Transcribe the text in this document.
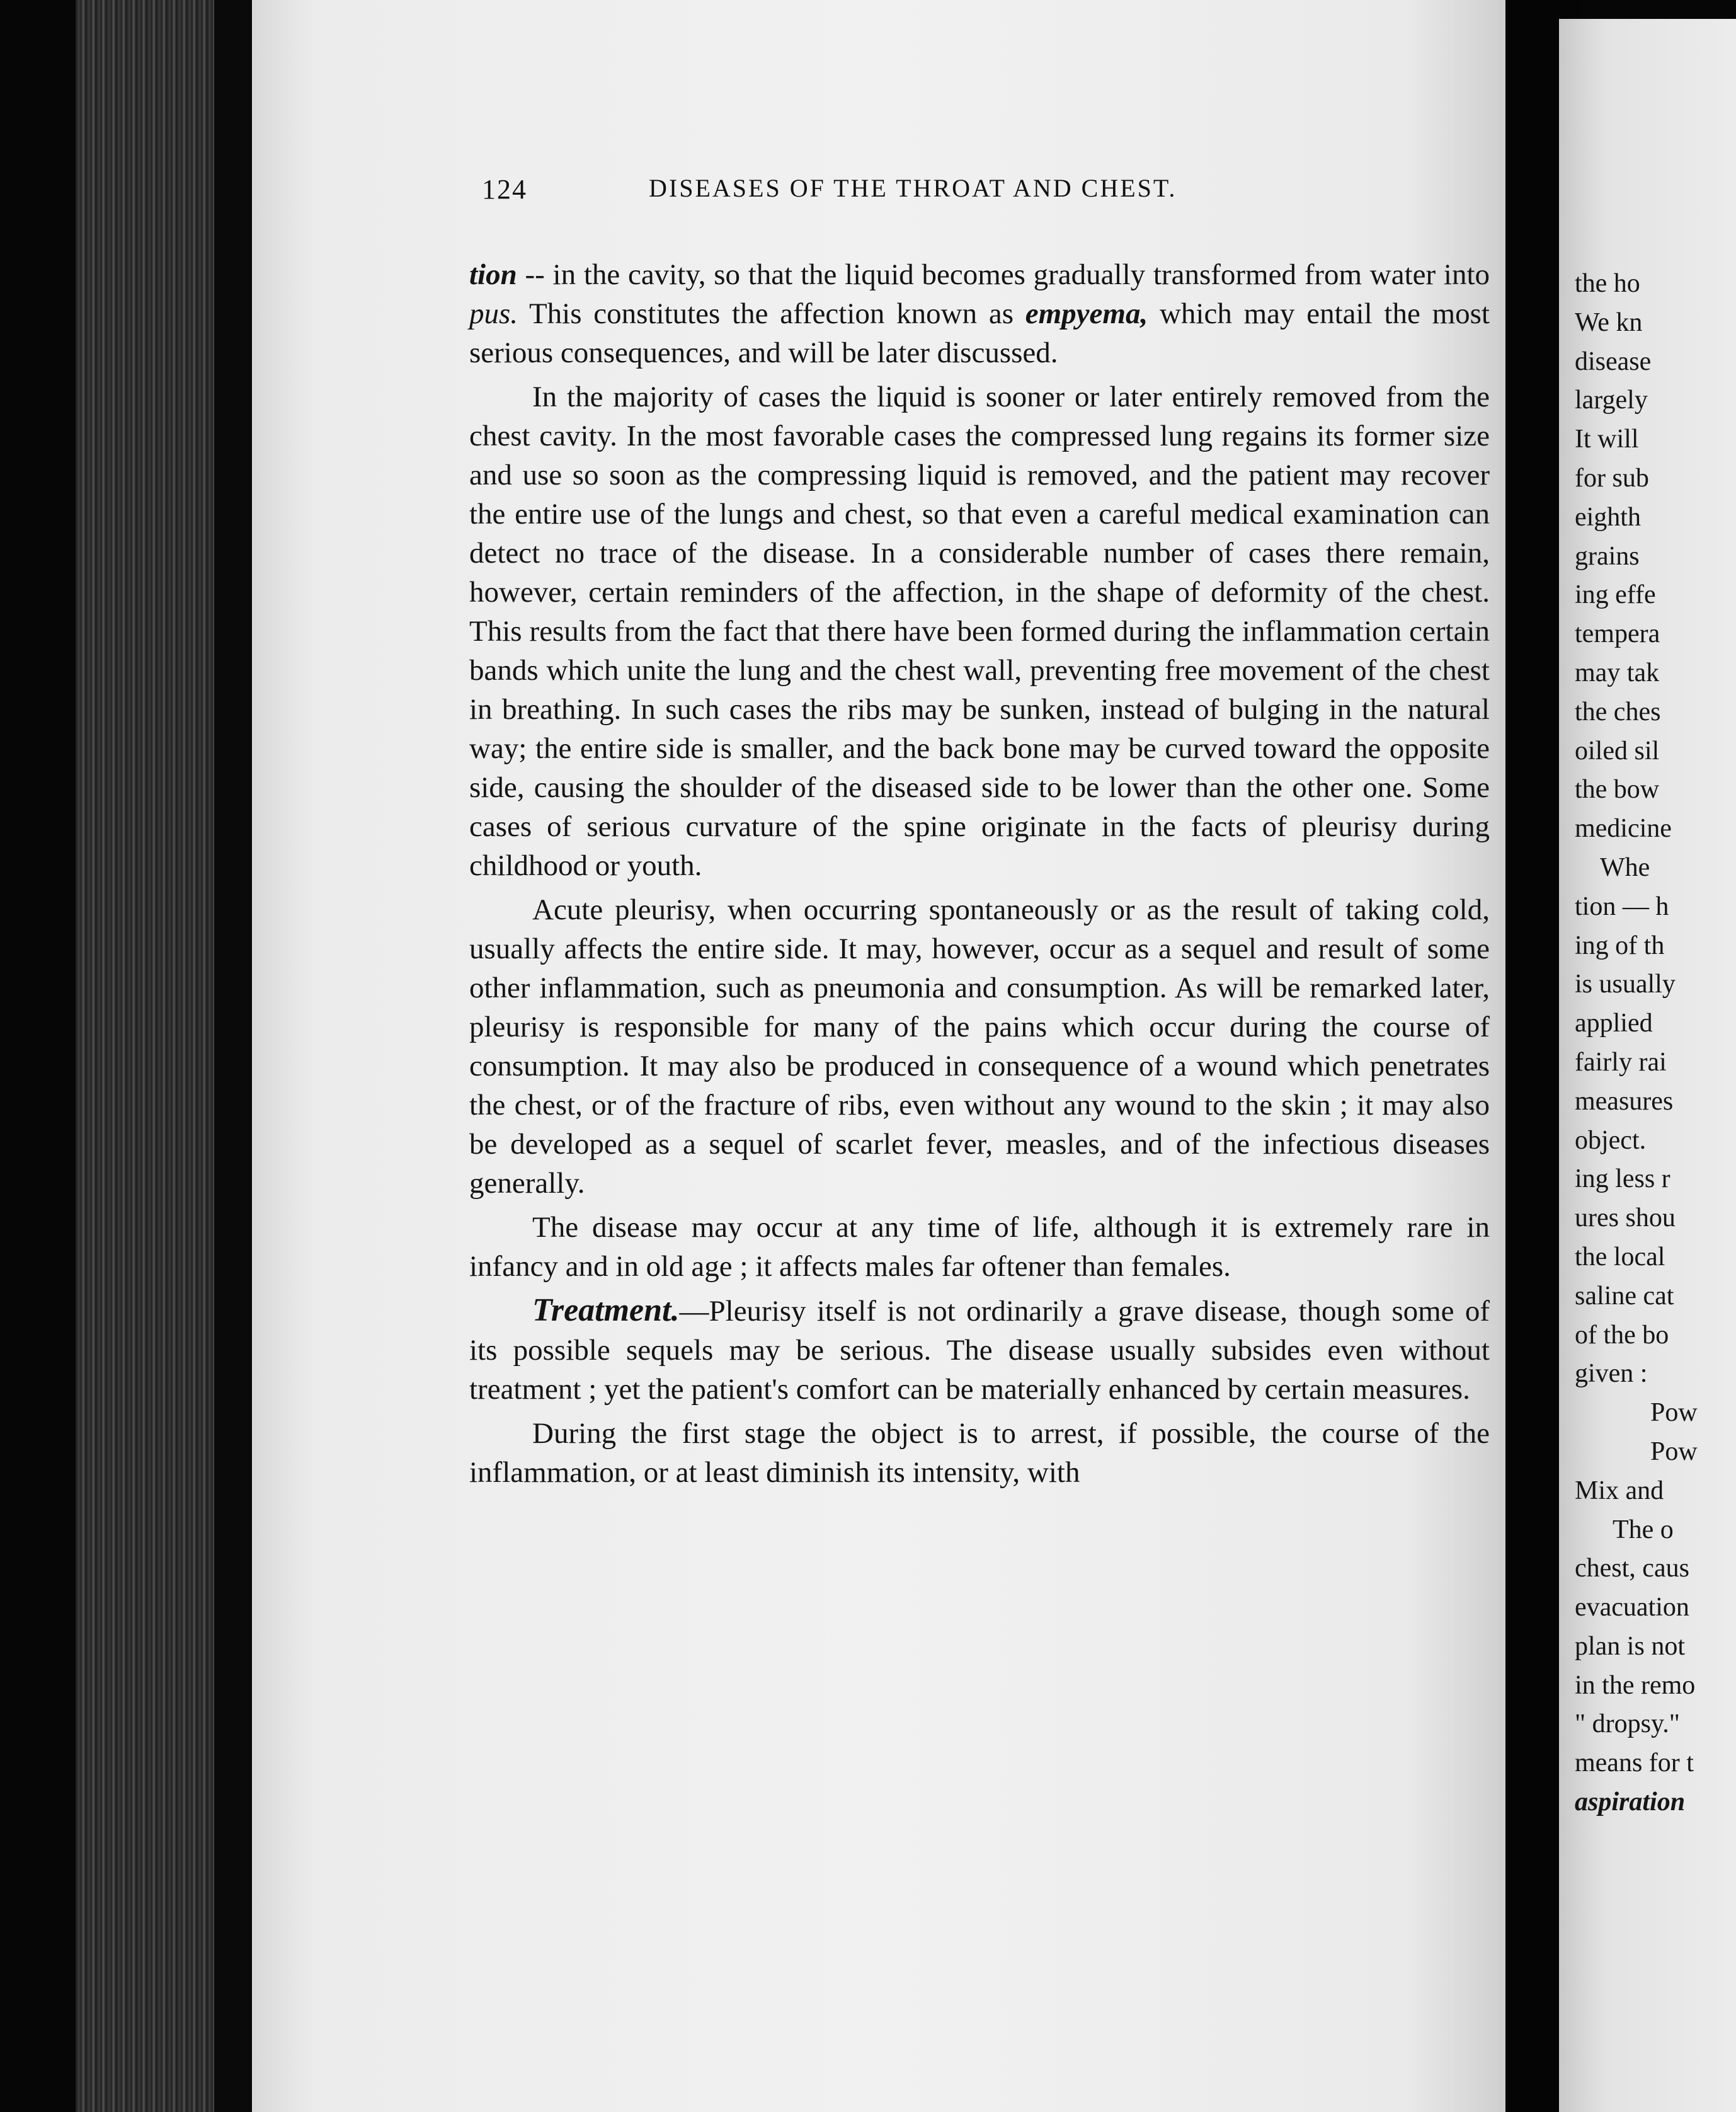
124	DISEASES OF THE THROAT AND CHEST.

tion -- in the cavity, so that the liquid becomes gradually transformed from water into pus. This constitutes the affection known as empyema, which may entail the most serious consequences, and will be later discussed.

In the majority of cases the liquid is sooner or later entirely removed from the chest cavity. In the most favorable cases the compressed lung regains its former size and use so soon as the compressing liquid is removed, and the patient may recover the entire use of the lungs and chest, so that even a careful medical examination can detect no trace of the disease. In a considerable number of cases there remain, however, certain reminders of the affection, in the shape of deformity of the chest. This results from the fact that there have been formed during the inflammation certain bands which unite the lung and the chest wall, preventing free movement of the chest in breathing. In such cases the ribs may be sunken, instead of bulging in the natural way; the entire side is smaller, and the back bone may be curved toward the opposite side, causing the shoulder of the diseased side to be lower than the other one. Some cases of serious curvature of the spine originate in the facts of pleurisy during childhood or youth.

Acute pleurisy, when occurring spontaneously or as the result of taking cold, usually affects the entire side. It may, however, occur as a sequel and result of some other inflammation, such as pneumonia and consumption. As will be remarked later, pleurisy is responsible for many of the pains which occur during the course of consumption. It may also be produced in consequence of a wound which penetrates the chest, or of the fracture of ribs, even without any wound to the skin ; it may also be developed as a sequel of scarlet fever, measles, and of the infectious diseases generally.

The disease may occur at any time of life, although it is extremely rare in infancy and in old age ; it affects males far oftener than females.

Treatment.—Pleurisy itself is not ordinarily a grave disease, though some of its possible sequels may be serious. The disease usually subsides even without treatment ; yet the patient's comfort can be materially enhanced by certain measures.

During the first stage the object is to arrest, if possible, the course of the inflammation, or at least diminish its intensity, with

the ho
We kn
disease
largely
It will
for sub
eighth
grains
ing effe
tempera
may tak
the ches
oiled sil
the bow
medicine
Whe
tion — h
ing of th
is usually
applied
fairly rai
measures
object.
ing less r
ures shou
the local
saline cat
of the bo
given :
Pow
Pow
Mix and
The o
chest, caus
evacuation
plan is not
in the remo
" dropsy."
means for t
aspiration
